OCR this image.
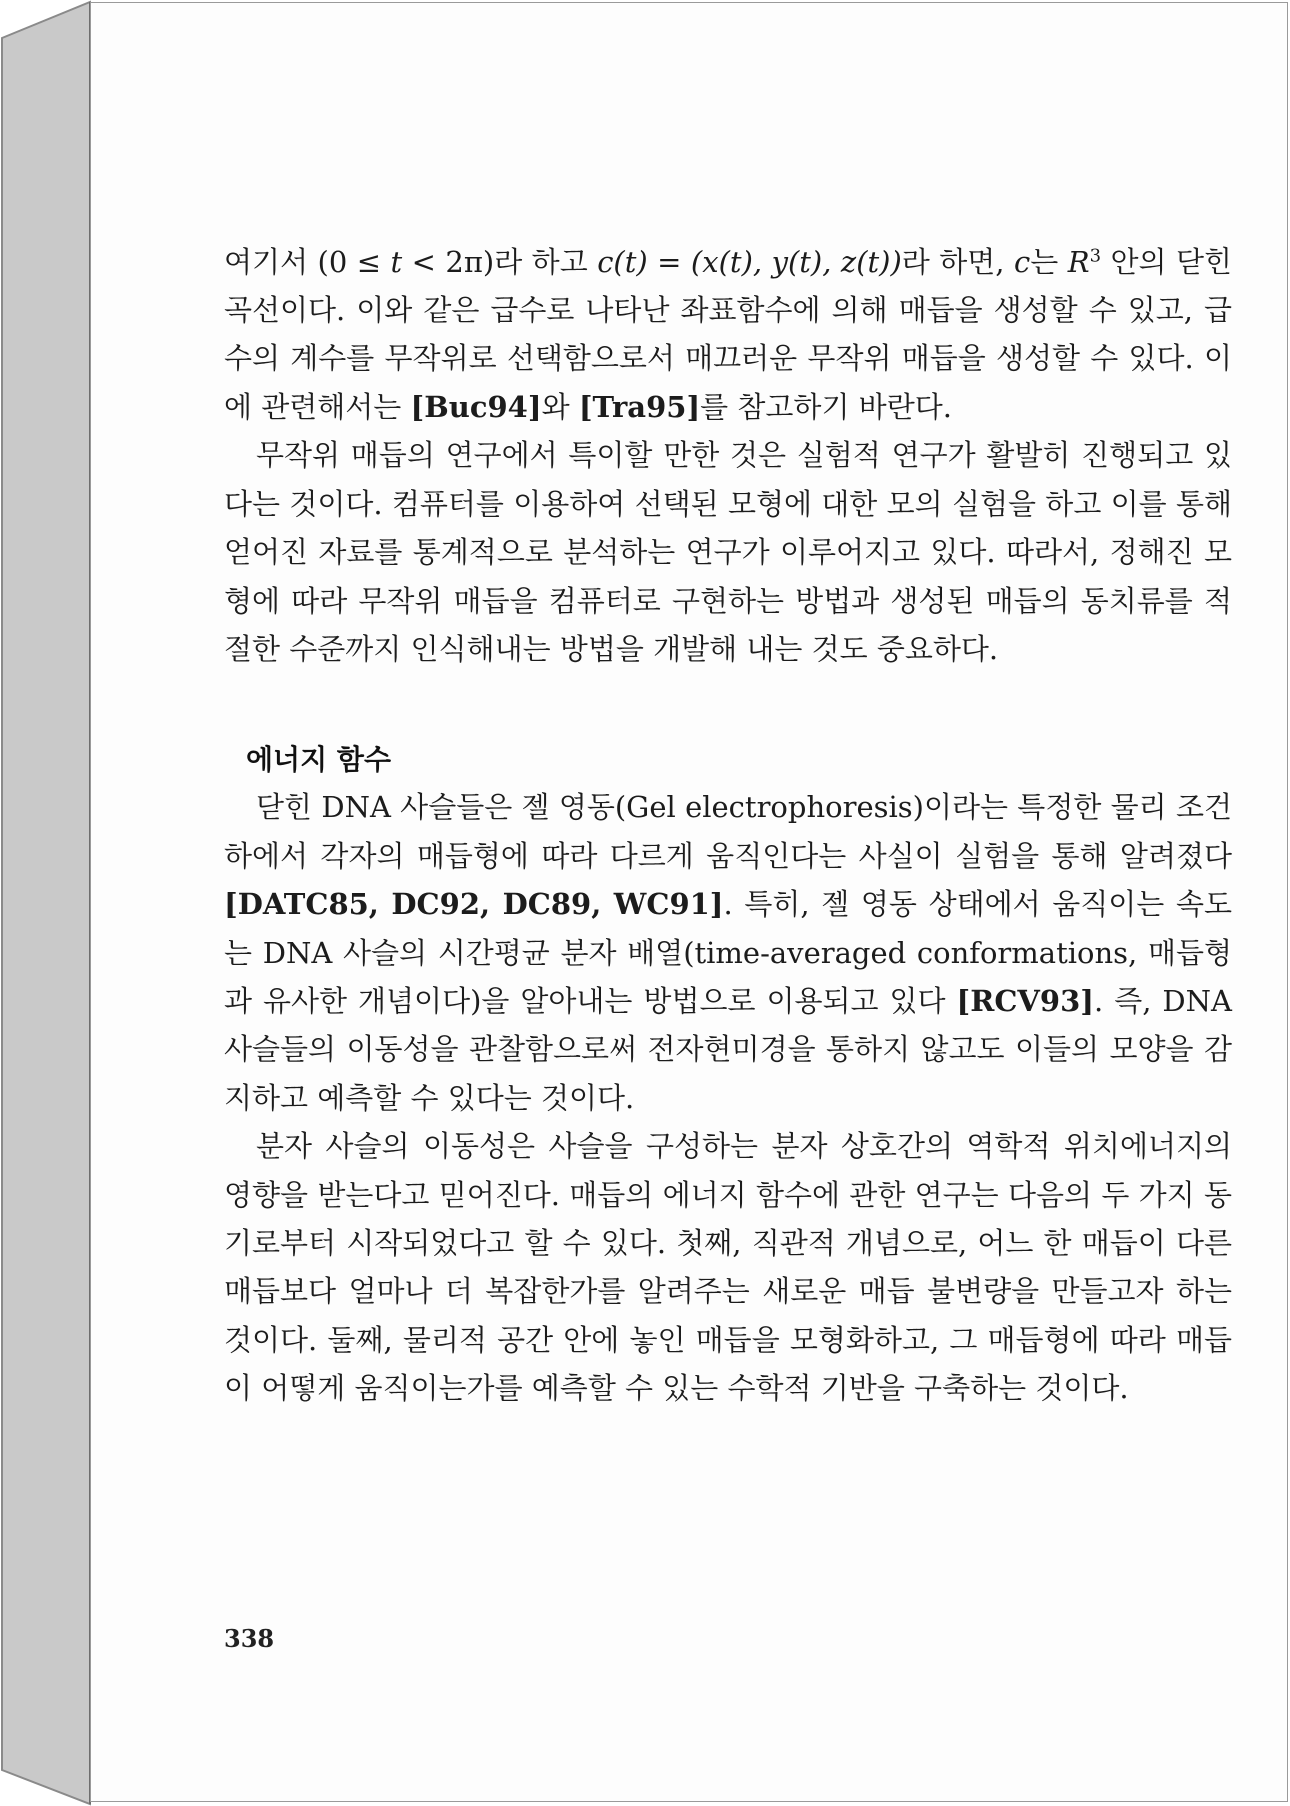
여기서 (0 ≤ t < 2π)라 하고 c(t) = (x(t), y(t), z(t))라 하면, c는 $R^3$ 안의 닫힌 곡선이다. 이와 같은 급수로 나타난 좌표함수에 의해 매듭을 생성할 수 있고, 급수의 계수를 무작위로 선택함으로서 매끄러운 무작위 매듭을 생성할 수 있다. 이에 관련해서는 [Buc94]와 [Tra95]를 참고하기 바란다.

무작위 매듭의 연구에서 특이할 만한 것은 실험적 연구가 활발히 진행되고 있다는 것이다. 컴퓨터를 이용하여 선택된 모형에 대한 모의 실험을 하고 이를 통해 얻어진 자료를 통계적으로 분석하는 연구가 이루어지고 있다. 따라서, 정해진 모형에 따라 무작위 매듭을 컴퓨터로 구현하는 방법과 생성된 매듭의 동치류를 적절한 수준까지 인식해내는 방법을 개발해 내는 것도 중요하다.

에너지 함수

닫힌 DNA 사슬들은 젤 영동(Gel electrophoresis)이라는 특정한 물리 조건하에서 각자의 매듭형에 따라 다르게 움직인다는 사실이 실험을 통해 알려졌다[DATC85, DC92, DC89, WC91]. 특히, 젤 영동 상태에서 움직이는 속도는 DNA 사슬의 시간평균 분자 배열(time-averaged conformations, 매듭형과 유사한 개념이다)을 알아내는 방법으로 이용되고 있다 [RCV93]. 즉, DNA 사슬들의 이동성을 관찰함으로써 전자현미경을 통하지 않고도 이들의 모양을 감지하고 예측할 수 있다는 것이다.

분자 사슬의 이동성은 사슬을 구성하는 분자 상호간의 역학적 위치에너지의 영향을 받는다고 믿어진다. 매듭의 에너지 함수에 관한 연구는 다음의 두 가지 동기로부터 시작되었다고 할 수 있다. 첫째, 직관적 개념으로, 어느 한 매듭이 다른 매듭보다 얼마나 더 복잡한가를 알려주는 새로운 매듭 불변량을 만들고자 하는 것이다. 둘째, 물리적 공간 안에 놓인 매듭을 모형화하고, 그 매듭형에 따라 매듭이 어떻게 움직이는가를 예측할 수 있는 수학적 기반을 구축하는 것이다.

338
